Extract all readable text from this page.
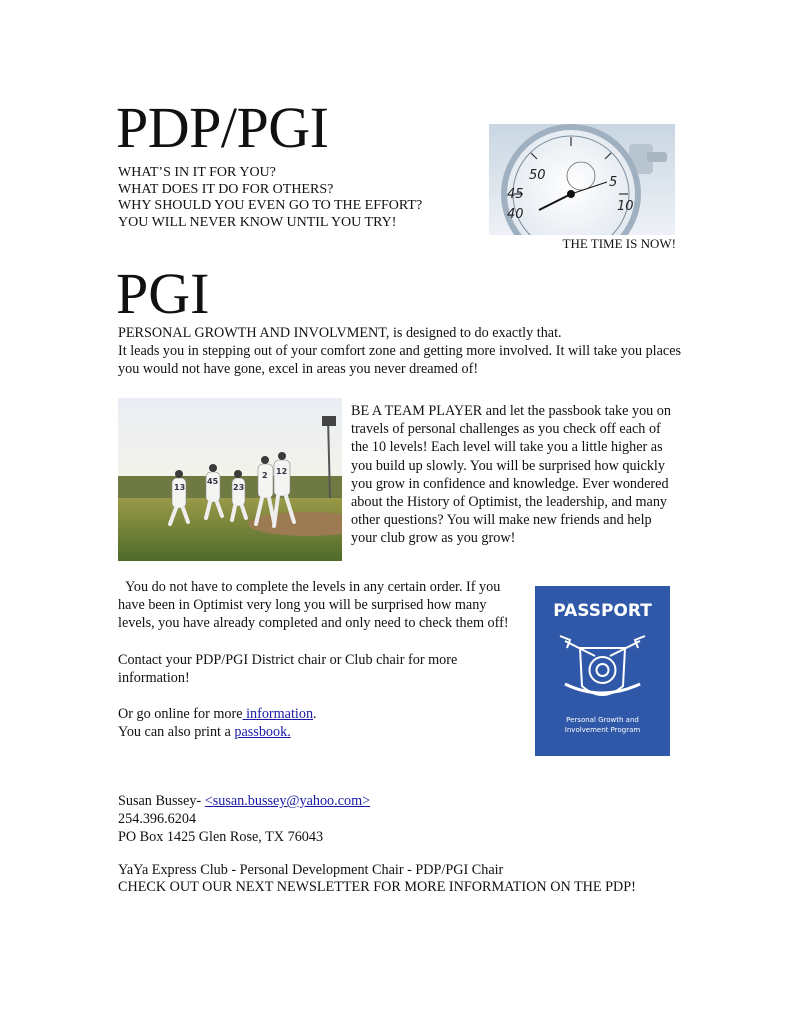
PDP/PGI
WHAT’S IN IT FOR YOU?
WHAT DOES IT DO FOR OTHERS?
WHY SHOULD YOU EVEN GO TO THE EFFORT?
YOU WILL NEVER KNOW UNTIL YOU TRY!
50
45
40
5
10
THE TIME IS NOW!
PGI

PERSONAL GROWTH AND INVOLVMENT, is designed to do exactly that.

It leads you in stepping out of your comfort zone and getting more involved. It will take you places you would not have gone, excel in areas you never dreamed of!

13
45
23
2 12
BE A TEAM PLAYER and let the passbook take you on travels of personal challenges as you check off each of the 10 levels! Each level will take you a little higher as you build up slowly. You will be surprised how quickly you grow in confidence and knowledge. Ever wondered about the History of Optimist, the leadership, and many other questions? You will make new friends and help your club grow as you grow!

You do not have to complete the levels in any certain order. If you have been in Optimist very long you will be surprised how many levels, you have already completed and only need to check them off!

Contact your PDP/PGI District chair or Club chair for more information!

Or go online for more information.

You can also print a passbook.

PASSPORT
Personal Growth and
Involvement Program
Susan Bussey- <susan.bussey@yahoo.com>
254.396.6204
PO Box 1425 Glen Rose, TX 76043
YaYa Express Club - Personal Development Chair - PDP/PGI Chair
CHECK OUT OUR NEXT NEWSLETTER FOR MORE INFORMATION ON THE PDP!
